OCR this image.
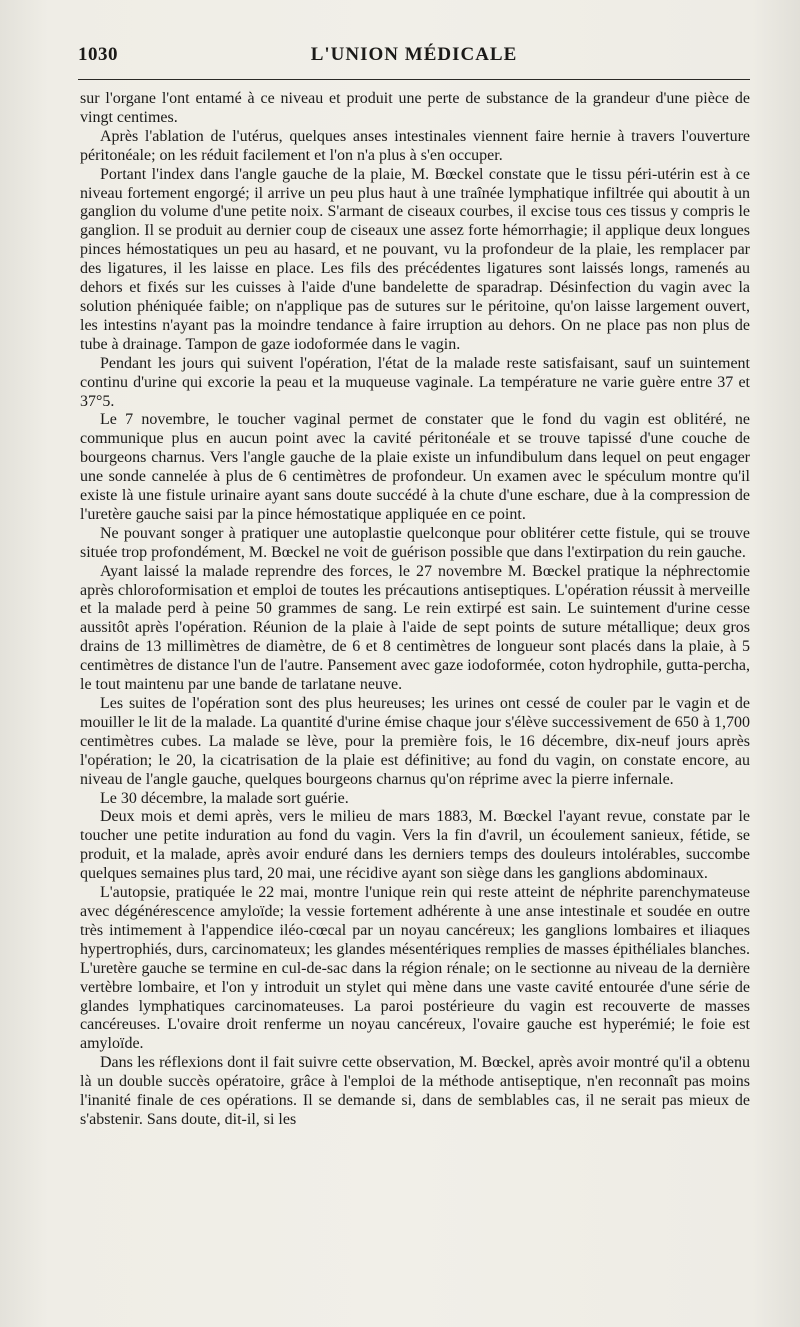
1030	L'UNION MÉDICALE

sur l'organe l'ont entamé à ce niveau et produit une perte de substance de la grandeur d'une pièce de vingt centimes.

Après l'ablation de l'utérus, quelques anses intestinales viennent faire hernie à travers l'ouverture péritonéale; on les réduit facilement et l'on n'a plus à s'en occuper.

Portant l'index dans l'angle gauche de la plaie, M. Bœckel constate que le tissu péri-utérin est à ce niveau fortement engorgé; il arrive un peu plus haut à une traînée lymphatique infiltrée qui aboutit à un ganglion du volume d'une petite noix. S'armant de ciseaux courbes, il excise tous ces tissus y compris le ganglion. Il se produit au dernier coup de ciseaux une assez forte hémorrhagie; il applique deux longues pinces hémostatiques un peu au hasard, et ne pouvant, vu la profondeur de la plaie, les remplacer par des ligatures, il les laisse en place. Les fils des précédentes ligatures sont laissés longs, ramenés au dehors et fixés sur les cuisses à l'aide d'une bandelette de sparadrap. Désinfection du vagin avec la solution phéniquée faible; on n'applique pas de sutures sur le péritoine, qu'on laisse largement ouvert, les intestins n'ayant pas la moindre tendance à faire irruption au dehors. On ne place pas non plus de tube à drainage. Tampon de gaze iodoformée dans le vagin.

Pendant les jours qui suivent l'opération, l'état de la malade reste satisfaisant, sauf un suintement continu d'urine qui excorie la peau et la muqueuse vaginale. La température ne varie guère entre 37 et 37°5.

Le 7 novembre, le toucher vaginal permet de constater que le fond du vagin est oblitéré, ne communique plus en aucun point avec la cavité péritonéale et se trouve tapissé d'une couche de bourgeons charnus. Vers l'angle gauche de la plaie existe un infundibulum dans lequel on peut engager une sonde cannelée à plus de 6 centimètres de profondeur. Un examen avec le spéculum montre qu'il existe là une fistule urinaire ayant sans doute succédé à la chute d'une eschare, due à la compression de l'uretère gauche saisi par la pince hémostatique appliquée en ce point.

Ne pouvant songer à pratiquer une autoplastie quelconque pour oblitérer cette fistule, qui se trouve située trop profondément, M. Bœckel ne voit de guérison possible que dans l'extirpation du rein gauche.

Ayant laissé la malade reprendre des forces, le 27 novembre M. Bœckel pratique la néphrectomie après chloroformisation et emploi de toutes les précautions antiseptiques. L'opération réussit à merveille et la malade perd à peine 50 grammes de sang. Le rein extirpé est sain. Le suintement d'urine cesse aussitôt après l'opération. Réunion de la plaie à l'aide de sept points de suture métallique; deux gros drains de 13 millimètres de diamètre, de 6 et 8 centimètres de longueur sont placés dans la plaie, à 5 centimètres de distance l'un de l'autre. Pansement avec gaze iodoformée, coton hydrophile, gutta-percha, le tout maintenu par une bande de tarlatane neuve.

Les suites de l'opération sont des plus heureuses; les urines ont cessé de couler par le vagin et de mouiller le lit de la malade. La quantité d'urine émise chaque jour s'élève successivement de 650 à 1,700 centimètres cubes. La malade se lève, pour la première fois, le 16 décembre, dix-neuf jours après l'opération; le 20, la cicatrisation de la plaie est définitive; au fond du vagin, on constate encore, au niveau de l'angle gauche, quelques bourgeons charnus qu'on réprime avec la pierre infernale.

Le 30 décembre, la malade sort guérie.

Deux mois et demi après, vers le milieu de mars 1883, M. Bœckel l'ayant revue, constate par le toucher une petite induration au fond du vagin. Vers la fin d'avril, un écoulement sanieux, fétide, se produit, et la malade, après avoir enduré dans les derniers temps des douleurs intolérables, succombe quelques semaines plus tard, 20 mai, une récidive ayant son siège dans les ganglions abdominaux.

L'autopsie, pratiquée le 22 mai, montre l'unique rein qui reste atteint de néphrite parenchymateuse avec dégénérescence amyloïde; la vessie fortement adhérente à une anse intestinale et soudée en outre très intimement à l'appendice iléo-cœcal par un noyau cancéreux; les ganglions lombaires et iliaques hypertrophiés, durs, carcinomateux; les glandes mésentériques remplies de masses épithéliales blanches. L'uretère gauche se termine en cul-de-sac dans la région rénale; on le sectionne au niveau de la dernière vertèbre lombaire, et l'on y introduit un stylet qui mène dans une vaste cavité entourée d'une série de glandes lymphatiques carcinomateuses. La paroi postérieure du vagin est recouverte de masses cancéreuses. L'ovaire droit renferme un noyau cancéreux, l'ovaire gauche est hyperémié; le foie est amyloïde.

Dans les réflexions dont il fait suivre cette observation, M. Bœckel, après avoir montré qu'il a obtenu là un double succès opératoire, grâce à l'emploi de la méthode antiseptique, n'en reconnaît pas moins l'inanité finale de ces opérations. Il se demande si, dans de semblables cas, il ne serait pas mieux de s'abstenir. Sans doute, dit-il, si les
